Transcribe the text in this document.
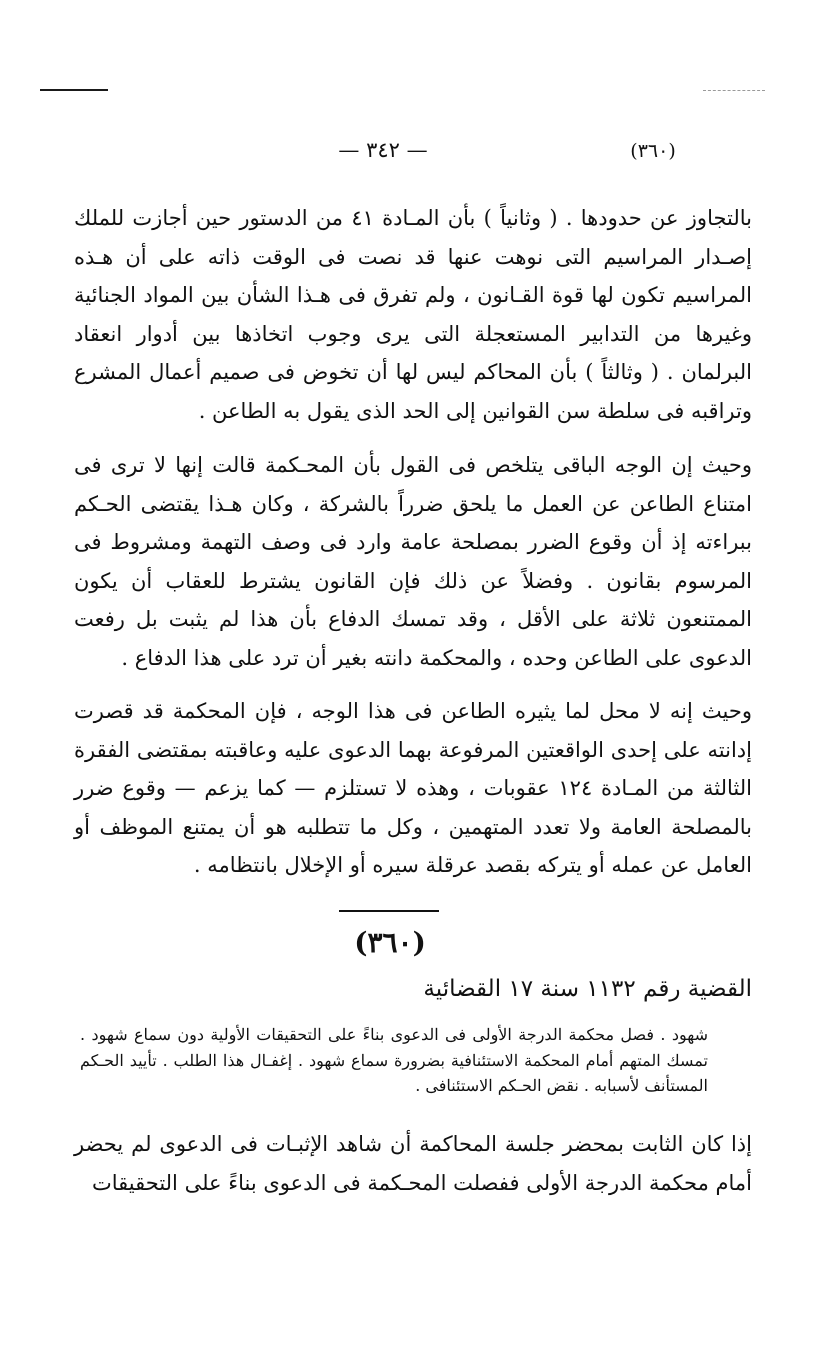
(٣٦٠)
— ٣٤٢ —

بالتجاوز عن حدودها . ( وثانياً ) بأن المـادة ٤١ من الدستور حين أجازت للملك إصـدار المراسيم التى نوهت عنها قد نصت فى الوقت ذاته على أن هـذه المراسيم تكون لها قوة القـانون ، ولم تفرق فى هـذا الشأن بين المواد الجنائية وغيرها من التدابير المستعجلة التى يرى وجوب اتخاذها بين أدوار انعقاد البرلمان . ( وثالثاً ) بأن المحاكم ليس لها أن تخوض فى صميم أعمال المشرع وتراقبه فى سلطة سن القوانين إلى الحد الذى يقول به الطاعن .

وحيث إن الوجه الباقى يتلخص فى القول بأن المحـكمة قالت إنها لا ترى فى امتناع الطاعن عن العمل ما يلحق ضرراً بالشركة ، وكان هـذا يقتضى الحـكم ببراءته إذ أن وقوع الضرر بمصلحة عامة وارد فى وصف التهمة ومشروط فى المرسوم بقانون . وفضلاً عن ذلك فإن القانون يشترط للعقاب أن يكون الممتنعون ثلاثة على الأقل ، وقد تمسك الدفاع بأن هذا لم يثبت بل رفعت الدعوى على الطاعن وحده ، والمحكمة دانته بغير أن ترد على هذا الدفاع .

وحيث إنه لا محل لما يثيره الطاعن فى هذا الوجه ، فإن المحكمة قد قصرت إدانته على إحدى الواقعتين المرفوعة بهما الدعوى عليه وعاقبته بمقتضى الفقرة الثالثة من المـادة ١٢٤ عقوبات ، وهذه لا تستلزم — كما يزعم — وقوع ضرر بالمصلحة العامة ولا تعدد المتهمين ، وكل ما تتطلبه هو أن يمتنع الموظف أو العامل عن عمله أو يتركه بقصد عرقلة سيره أو الإخلال بانتظامه .

(٣٦٠)

القضية رقم ١١٣٢ سنة ١٧ القضائية

شهود . فصل محكمة الدرجة الأولى فى الدعوى بناءً على التحقيقات الأولية دون سماع شهود . تمسك المتهم أمام المحكمة الاستئنافية بضرورة سماع شهود . إغفـال هذا الطلب . تأييد الحـكم المستأنف لأسبابه . نقض الحـكم الاستئنافى .

إذا كان الثابت بمحضر جلسة المحاكمة أن شاهد الإثبـات فى الدعوى لم يحضر أمام محكمة الدرجة الأولى ففصلت المحـكمة فى الدعوى بناءً على التحقيقات
